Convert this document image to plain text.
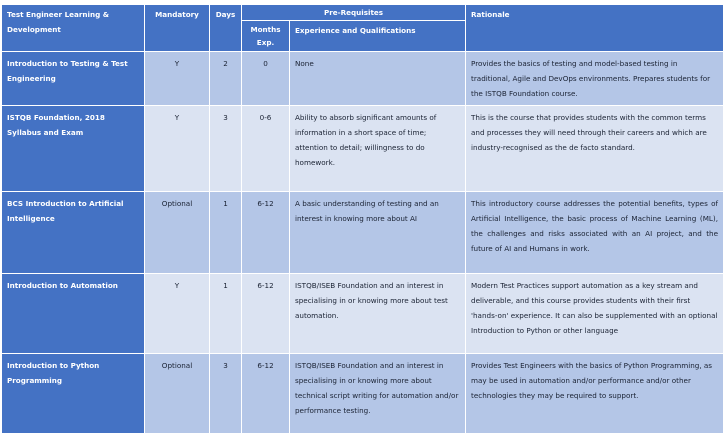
Test Engineer Learning & Development	Mandatory	Days	Pre-Requisites		Rationale

			Months Exp.	Experience and Qualifications	

Introduction to Testing & Test Engineering	Y	2	0	None	Provides the basics of testing and model-based testing in traditional, Agile and DevOps environments. Prepares students for the ISTQB Foundation course.

ISTQB Foundation, 2018 Syllabus and Exam	Y	3	0-6	Ability to absorb significant amounts of information in a short space of time; attention to detail; willingness to do homework.	This is the course that provides students with the common terms and processes they will need through their careers and which are industry-recognised as the de facto standard.

BCS Introduction to Artificial Intelligence	Optional	1	6-12	A basic understanding of testing and an interest in knowing more about AI	This introductory course addresses the potential benefits, types of Artificial Intelligence, the basic process of Machine Learning (ML), the challenges and risks associated with an AI project, and the future of AI and Humans in work.

Introduction to Automation	Y	1	6-12	ISTQB/ISEB Foundation and an interest in specialising in or knowing more about test automation.	Modern Test Practices support automation as a key stream and deliverable, and this course provides students with their first 'hands-on' experience. It can also be supplemented with an optional Introduction to Python or other language

Introduction to Python Programming	Optional	3	6-12	ISTQB/ISEB Foundation and an interest in specialising in or knowing more about technical script writing for automation and/or performance testing.	Provides Test Engineers with the basics of Python Programming, as may be used in automation and/or performance and/or other technologies they may be required to support.
